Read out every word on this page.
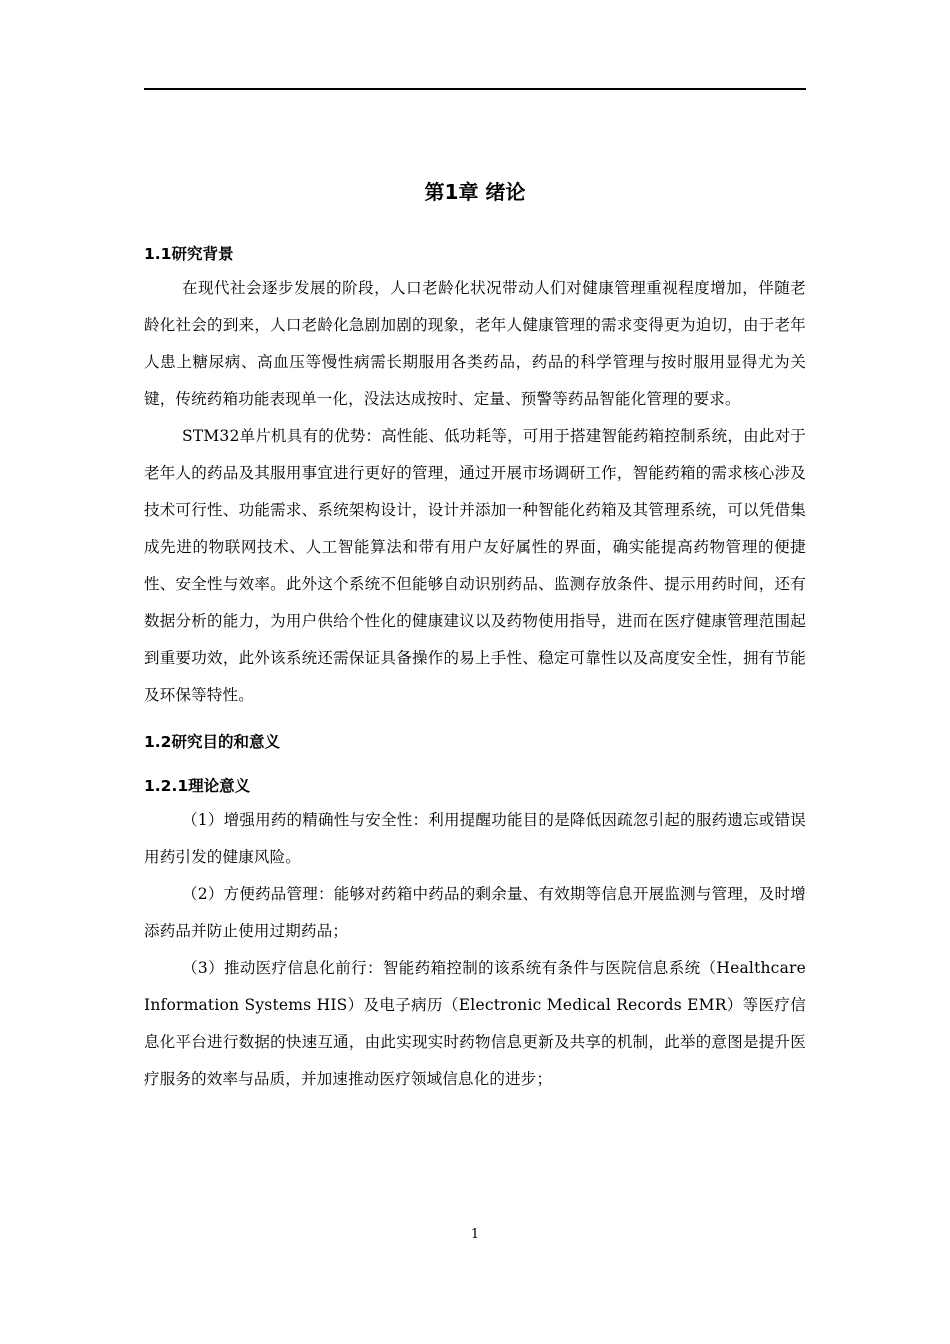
第1章 绪论
1.1研究背景

在现代社会逐步发展的阶段，人口老龄化状况带动人们对健康管理重视程度增加，伴随老龄化社会的到来，人口老龄化急剧加剧的现象，老年人健康管理的需求变得更为迫切，由于老年人患上糖尿病、高血压等慢性病需长期服用各类药品，药品的科学管理与按时服用显得尤为关键，传统药箱功能表现单一化，没法达成按时、定量、预警等药品智能化管理的要求。

STM32单片机具有的优势：高性能、低功耗等，可用于搭建智能药箱控制系统，由此对于老年人的药品及其服用事宜进行更好的管理，通过开展市场调研工作，智能药箱的需求核心涉及技术可行性、功能需求、系统架构设计，设计并添加一种智能化药箱及其管理系统，可以凭借集成先进的物联网技术、人工智能算法和带有用户友好属性的界面，确实能提高药物管理的便捷性、安全性与效率。此外这个系统不但能够自动识别药品、监测存放条件、提示用药时间，还有数据分析的能力，为用户供给个性化的健康建议以及药物使用指导，进而在医疗健康管理范围起到重要功效，此外该系统还需保证具备操作的易上手性、稳定可靠性以及高度安全性，拥有节能及环保等特性。

1.2研究目的和意义
1.2.1理论意义

（1）增强用药的精确性与安全性：利用提醒功能目的是降低因疏忽引起的服药遗忘或错误用药引发的健康风险。

（2）方便药品管理：能够对药箱中药品的剩余量、有效期等信息开展监测与管理，及时增添药品并防止使用过期药品；

（3）推动医疗信息化前行：智能药箱控制的该系统有条件与医院信息系统（Healthcare Information Systems HIS）及电子病历（Electronic Medical Records EMR）等医疗信息化平台进行数据的快速互通，由此实现实时药物信息更新及共享的机制，此举的意图是提升医疗服务的效率与品质，并加速推动医疗领域信息化的进步；

1
